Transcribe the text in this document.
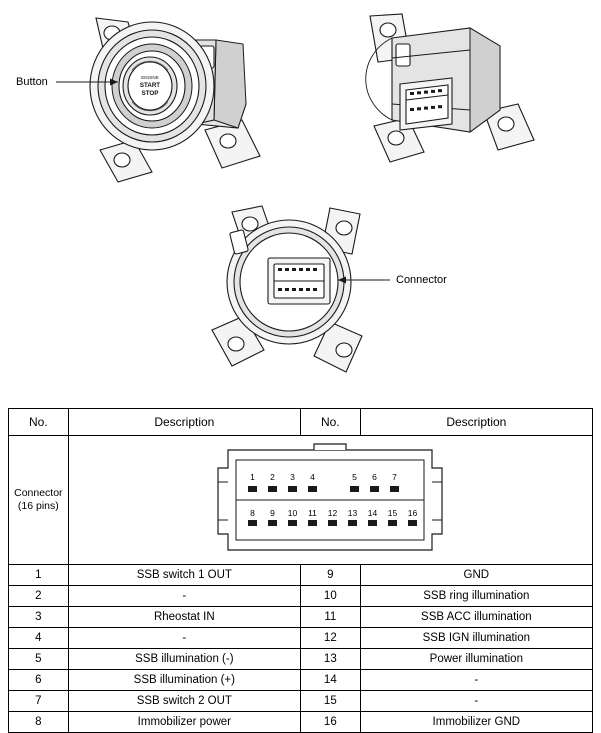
ENGINE
START
STOP
Button
Connector
Connector
(16 pins)

1 2 3 4	5 6 7
8 9 10 11 12 13 14 15 16

No.	Description	No.	Description
1	SSB switch 1 OUT	9	GND
2	-	10	SSB ring illumination
3	Rheostat IN	11	SSB ACC illumination
4	-	12	SSB IGN illumination
5	SSB illumination (-)	13	Power illumination
6	SSB illumination (+)	14	-
7	SSB switch 2 OUT	15	-
8	Immobilizer power	16	Immobilizer GND
